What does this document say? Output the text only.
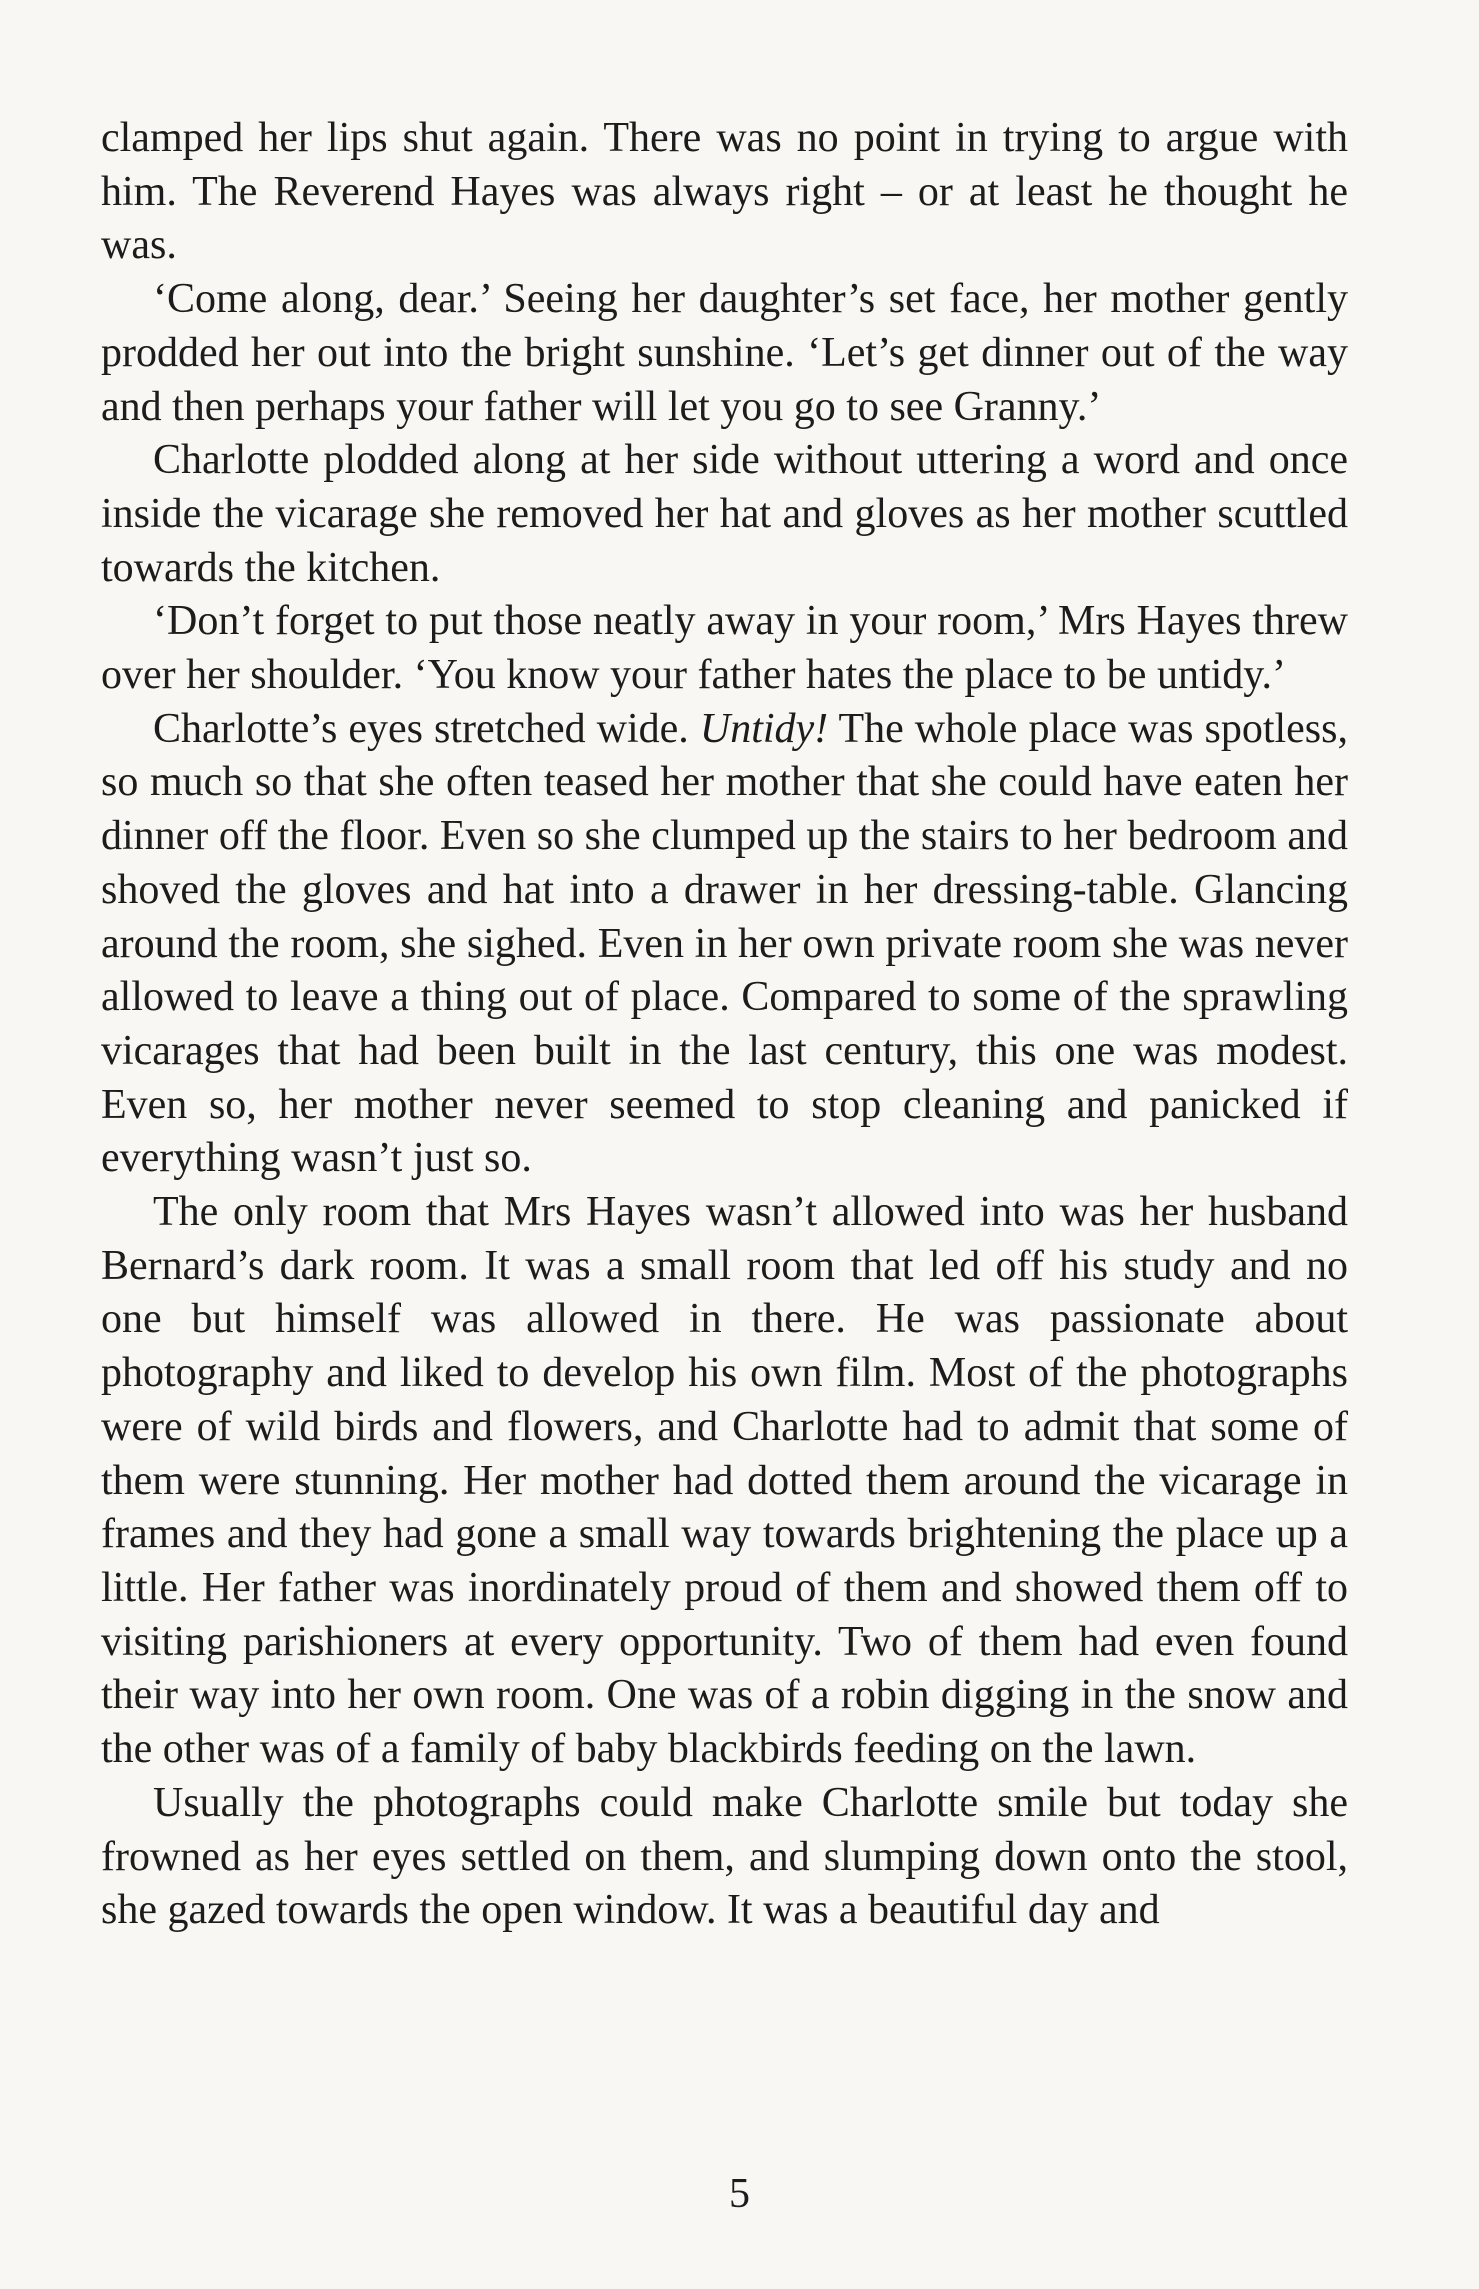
clamped her lips shut again. There was no point in trying to argue with him. The Reverend Hayes was always right – or at least he thought he was.

‘Come along, dear.’ Seeing her daughter’s set face, her mother gently prodded her out into the bright sunshine. ‘Let’s get dinner out of the way and then perhaps your father will let you go to see Granny.’

Charlotte plodded along at her side without uttering a word and once inside the vicarage she removed her hat and gloves as her mother scuttled towards the kitchen.

‘Don’t forget to put those neatly away in your room,’ Mrs Hayes threw over her shoulder. ‘You know your father hates the place to be untidy.’

Charlotte’s eyes stretched wide. Untidy! The whole place was spotless, so much so that she often teased her mother that she could have eaten her dinner off the floor. Even so she clumped up the stairs to her bedroom and shoved the gloves and hat into a drawer in her dressing-table. Glancing around the room, she sighed. Even in her own private room she was never allowed to leave a thing out of place. Compared to some of the sprawling vicarages that had been built in the last century, this one was modest. Even so, her mother never seemed to stop cleaning and panicked if everything wasn’t just so.

The only room that Mrs Hayes wasn’t allowed into was her husband Bernard’s dark room. It was a small room that led off his study and no one but himself was allowed in there. He was passionate about photography and liked to develop his own film. Most of the photographs were of wild birds and flowers, and Charlotte had to admit that some of them were stunning. Her mother had dotted them around the vicarage in frames and they had gone a small way towards brightening the place up a little. Her father was inordinately proud of them and showed them off to visiting parishioners at every opportunity. Two of them had even found their way into her own room. One was of a robin digging in the snow and the other was of a family of baby blackbirds feeding on the lawn.

Usually the photographs could make Charlotte smile but today she frowned as her eyes settled on them, and slumping down onto the stool, she gazed towards the open window. It was a beautiful day and

5
